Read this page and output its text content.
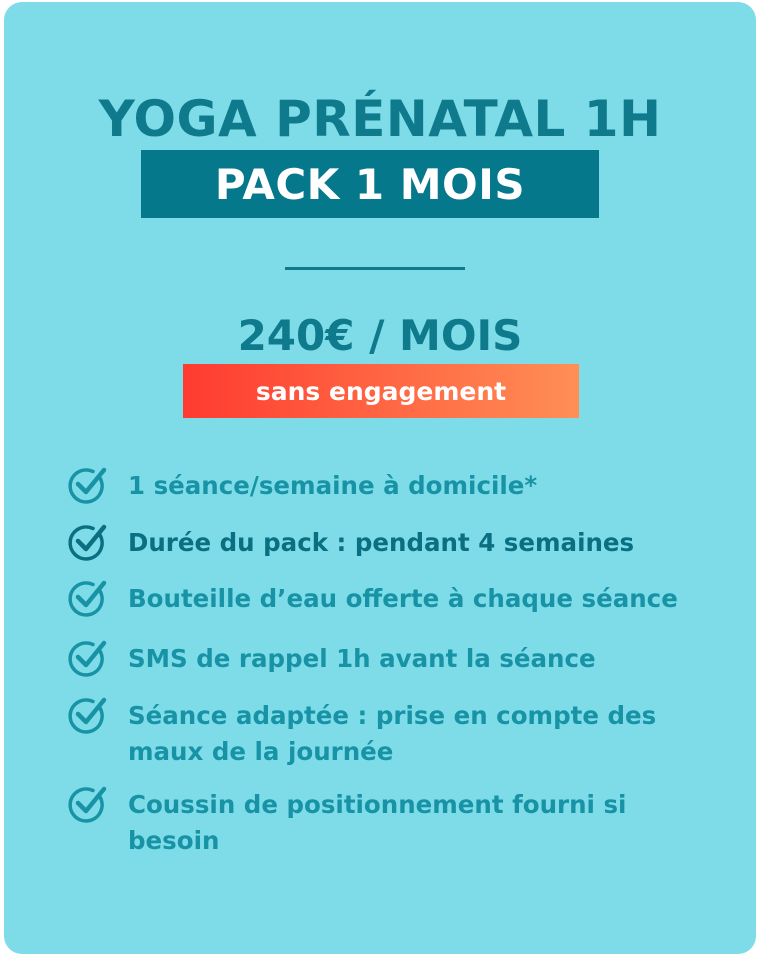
YOGA PRÉNATAL 1H
PACK 1 MOIS
240€ / MOIS
sans engagement
1 séance/semaine à domicile*
Durée du pack : pendant 4 semaines
Bouteille d’eau offerte à chaque séance
SMS de rappel 1h avant la séance
Séance adaptée : prise en compte des maux de la journée
Coussin de positionnement fourni si besoin
